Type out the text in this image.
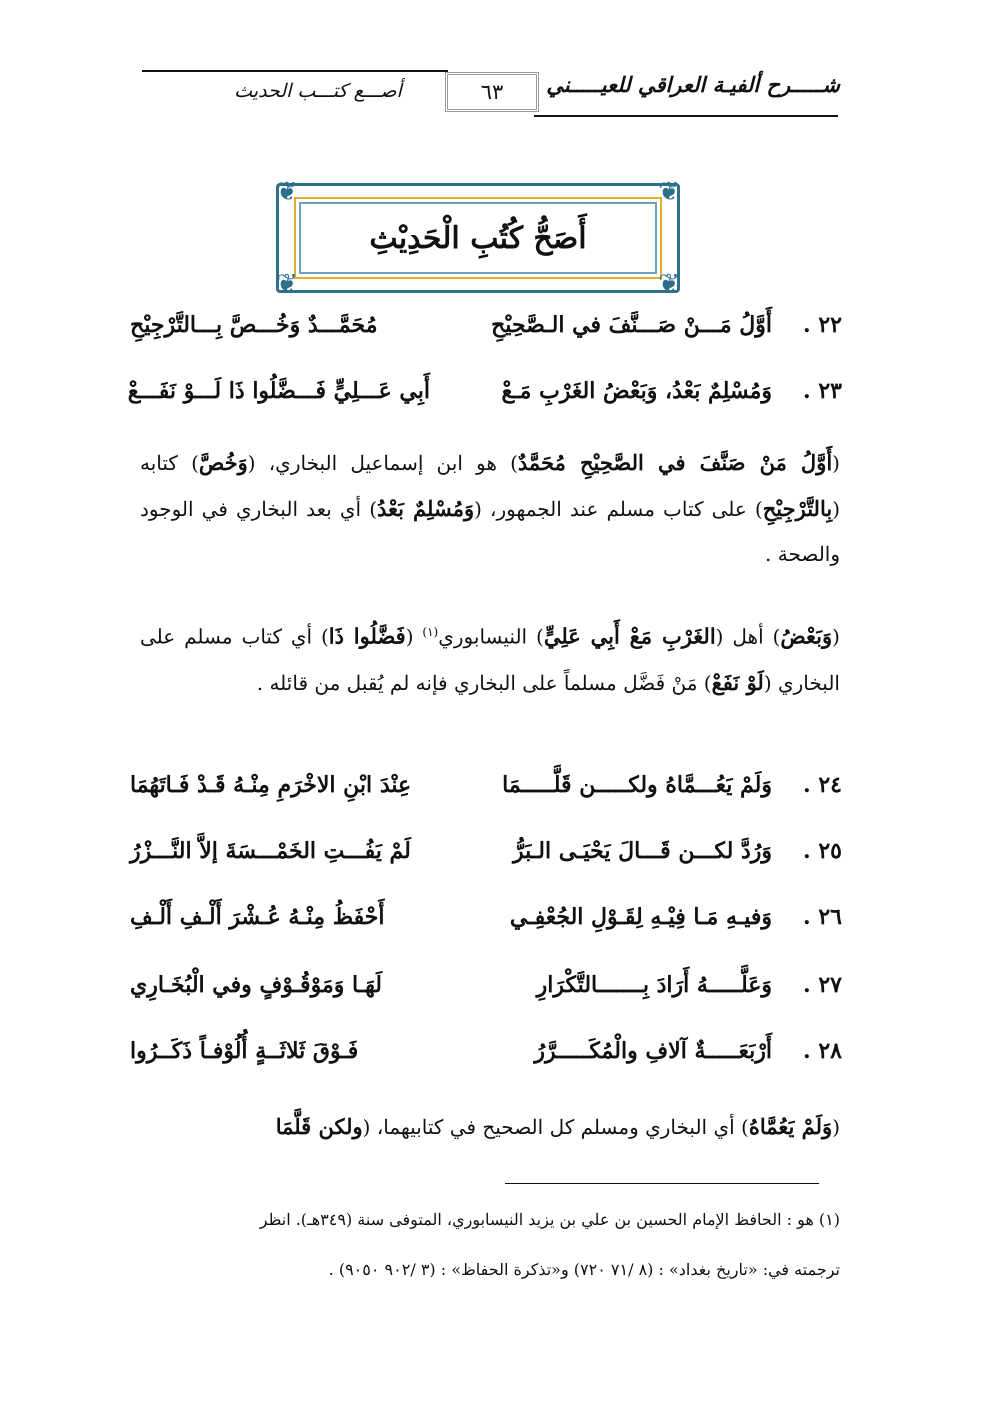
أصـــع كتـــب الحديث	٦٣	شـــــرح ألفيـة العراقي للعيـــــني
❦	❦
❦	❦
أَصَحُّ كُتُبِ الْحَدِيْثِ
٢٢ .
أَوَّلُ مَـــنْ صَـــنَّفَ في الـصَّحِيْحِ
مُحَمَّـــدٌ وَخُـــصَّ بِـــالتَّرْجِيْحِ
٢٣ .
وَمُسْلِمٌ بَعْدُ، وَبَعْضُ الغَرْبِ مَـعْ
أَبِي عَـــلِيٍّ فَـــضَّلُوا ذَا لَـــوْ نَفَـــعْ
(أَوَّلُ مَنْ صَنَّفَ في الصَّحِيْحِ مُحَمَّدٌ) هو ابن إسماعيل البخاري، (وَخُصَّ) كتابه (بِالتَّرْجِيْحِ) على كتاب مسلم عند الجمهور، (وَمُسْلِمٌ بَعْدُ) أي بعد البخاري في الوجود والصحة .
(وَبَعْضُ) أهل (الغَرْبِ مَعْ أَبِي عَلِيٍّ) النيسابوري$^{(١)}$ (فَضَّلُوا ذَا) أي كتاب مسلم على البخاري (لَوْ نَفَعْ) مَنْ فَضَّل مسلماً على البخاري فإنه لم يُقبل من قائله .
٢٤ .
وَلَمْ يَعُـــمَّاهُ ولكـــــن قَلَّـــــمَا
عِنْدَ ابْنِ الاخْرَمِ مِنْـهُ قَـدْ فَـاتَهُمَا
٢٥ .
وَرُدَّ لكـــن قَـــالَ يَحْيَـى الـبَرُّ
لَمْ يَفُـــتِ الخَمْـــسَةَ إلاَّ النَّـــزْرُ
٢٦ .
وَفيـهِ مَـا فِيْـهِ لِقَـوْلِ الجُعْفِـي
أَحْفَظُ مِنْـهُ عُـشْرَ أَلْـفِ أَلْـفِ
٢٧ .
وَعَلَّـــــهُ أَرَادَ بِـــــــالتَّكْرَارِ
لَهَـا وَمَوْقُـوْفٍ وفي الْبُخَـارِي
٢٨ .
أَرْبَعَـــــةٌ آلافِ والْمُكَـــــرَّرُ
فَـوْقَ ثَلاثَــةٍ أُلُوْفـاً ذَكَــرُوا
(وَلَمْ يَعُمَّاهُ) أي البخاري ومسلم كل الصحيح في كتابيهما، (ولكن قَلَّمَا
(١) هو : الحافظ الإمام الحسين بن علي بن يزيد النيسابوري، المتوفى سنة (٣٤٩هـ). انظر
ترجمته في: «تاريخ بغداد» : (٨ /٧١ ٧٢٠) و«تذكرة الحفاظ» : (٣ /٩٠٢ ٩٠٥٠) .
